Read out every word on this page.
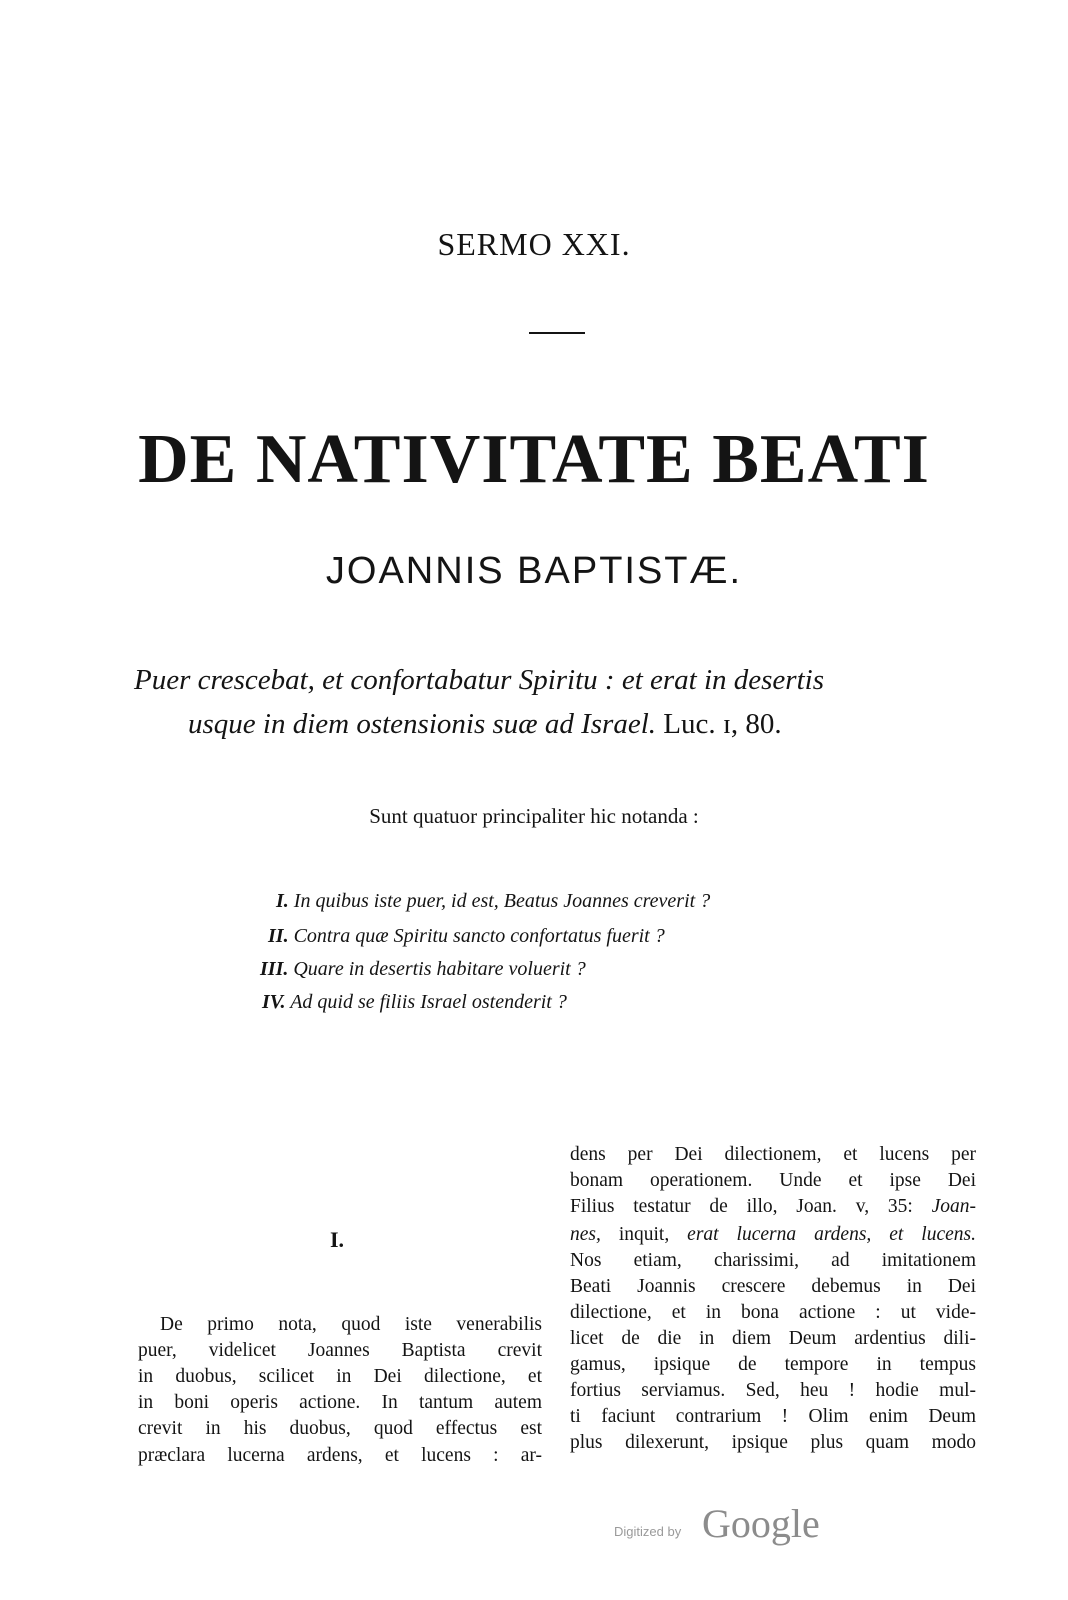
SERMO XXI.
DE NATIVITATE BEATI
JOANNIS BAPTISTÆ.
Puer crescebat, et confortabatur Spiritu : et erat in desertis
usque in diem ostensionis suæ ad Israel. Luc. ɪ, 80.
Sunt quatuor principaliter hic notanda :
I. In quibus iste puer, id est, Beatus Joannes creverit ?
II. Contra quæ Spiritu sancto confortatus fuerit ?
III. Quare in desertis habitare voluerit ?
IV. Ad quid se filiis Israel ostenderit ?
I.
De primo nota, quod iste venerabilis
puer, videlicet Joannes Baptista crevit
in duobus, scilicet in Dei dilectione, et
in boni operis actione. In tantum autem
crevit in his duobus, quod effectus est
præclara lucerna ardens, et lucens : ar-
dens per Dei dilectionem, et lucens per
bonam operationem. Unde et ipse Dei
Filius testatur de illo, Joan. v, 35: Joan-
nes, inquit, erat lucerna ardens, et lucens.
Nos etiam, charissimi, ad imitationem
Beati Joannis crescere debemus in Dei
dilectione, et in bona actione : ut vide-
licet de die in diem Deum ardentius dili-
gamus, ipsique de tempore in tempus
fortius serviamus. Sed, heu ! hodie mul-
ti faciunt contrarium ! Olim enim Deum
plus dilexerunt, ipsique plus quam modo
Digitized by Google
